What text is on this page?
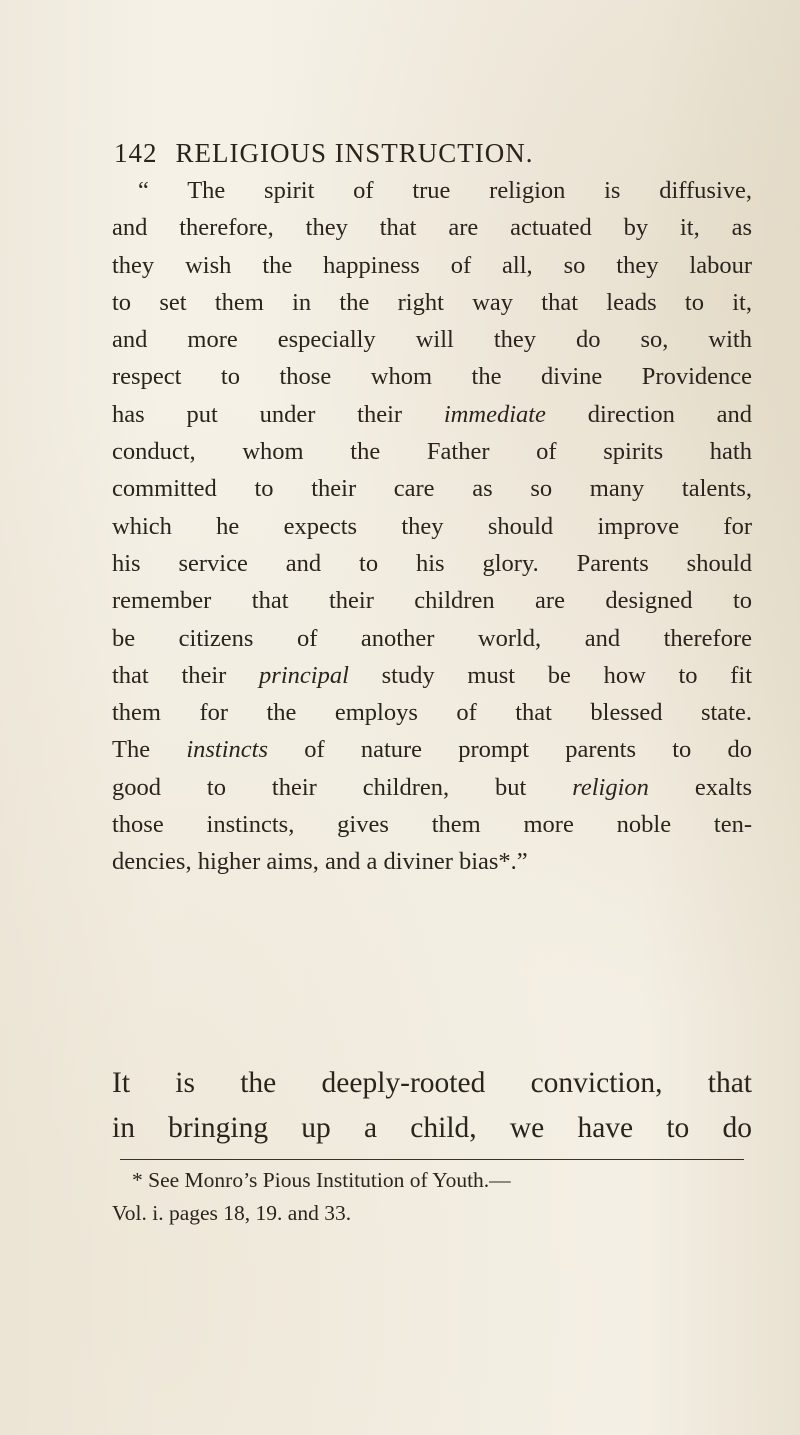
142 RELIGIOUS INSTRUCTION.
“ The spirit of true religion is diffusive,
and therefore, they that are actuated by it, as
they wish the happiness of all, so they labour
to set them in the right way that leads to it,
and more especially will they do so, with
respect to those whom the divine Providence
has put under their immediate direction and
conduct, whom the Father of spirits hath
committed to their care as so many talents,
which he expects they should improve for
his service and to his glory. Parents should
remember that their children are designed to
be citizens of another world, and therefore
that their principal study must be how to fit
them for the employs of that blessed state.
The instincts of nature prompt parents to do
good to their children, but religion exalts
those instincts, gives them more noble ten-
dencies, higher aims, and a diviner bias*.”
It is the deeply-rooted conviction, that
in bringing up a child, we have to do
* See Monro’s Pious Institution of Youth.—
Vol. i. pages 18, 19. and 33.
